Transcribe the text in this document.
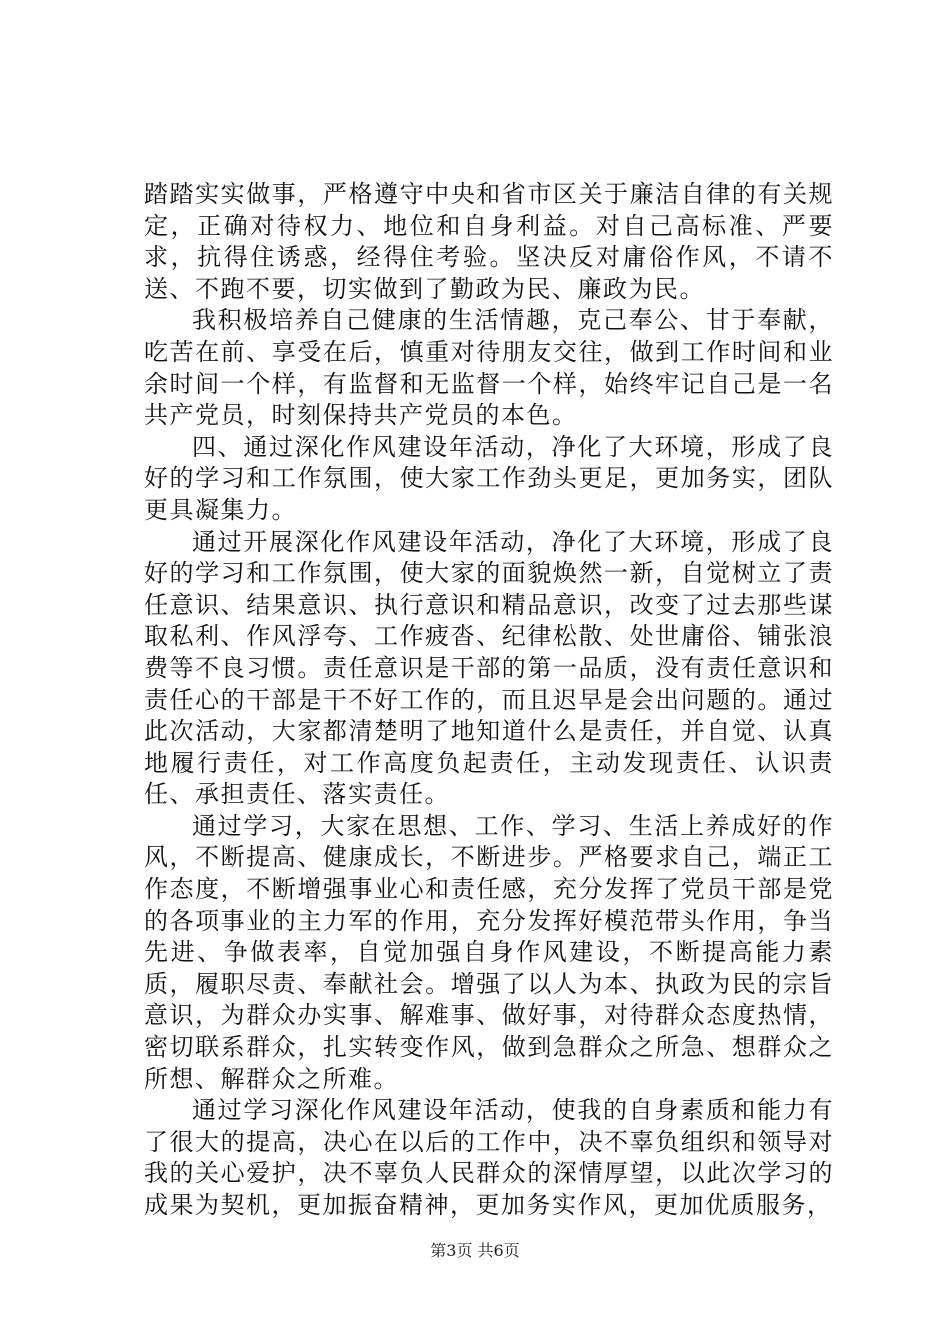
踏踏实实做事，严格遵守中央和省市区关于廉洁自律的有关规定，正确对待权力、地位和自身利益。对自己高标准、严要求，抗得住诱惑，经得住考验。坚决反对庸俗作风，不请不送、不跑不要，切实做到了勤政为民、廉政为民。

我积极培养自己健康的生活情趣，克己奉公、甘于奉献，吃苦在前、享受在后，慎重对待朋友交往，做到工作时间和业余时间一个样，有监督和无监督一个样，始终牢记自己是一名共产党员，时刻保持共产党员的本色。

四、通过深化作风建设年活动，净化了大环境，形成了良好的学习和工作氛围，使大家工作劲头更足，更加务实，团队更具凝集力。

通过开展深化作风建设年活动，净化了大环境，形成了良好的学习和工作氛围，使大家的面貌焕然一新，自觉树立了责任意识、结果意识、执行意识和精品意识，改变了过去那些谋取私利、作风浮夸、工作疲沓、纪律松散、处世庸俗、铺张浪费等不良习惯。责任意识是干部的第一品质，没有责任意识和责任心的干部是干不好工作的，而且迟早是会出问题的。通过此次活动，大家都清楚明了地知道什么是责任，并自觉、认真地履行责任，对工作高度负起责任，主动发现责任、认识责任、承担责任、落实责任。

通过学习，大家在思想、工作、学习、生活上养成好的作风，不断提高、健康成长，不断进步。严格要求自己，端正工作态度，不断增强事业心和责任感，充分发挥了党员干部是党的各项事业的主力军的作用，充分发挥好模范带头作用，争当先进、争做表率，自觉加强自身作风建设，不断提高能力素质，履职尽责、奉献社会。增强了以人为本、执政为民的宗旨意识，为群众办实事、解难事、做好事，对待群众态度热情，密切联系群众，扎实转变作风，做到急群众之所急、想群众之所想、解群众之所难。

通过学习深化作风建设年活动，使我的自身素质和能力有了很大的提高，决心在以后的工作中，决不辜负组织和领导对我的关心爱护，决不辜负人民群众的深情厚望，以此次学习的成果为契机，更加振奋精神，更加务实作风，更加优质服务，

第3页 共6页
